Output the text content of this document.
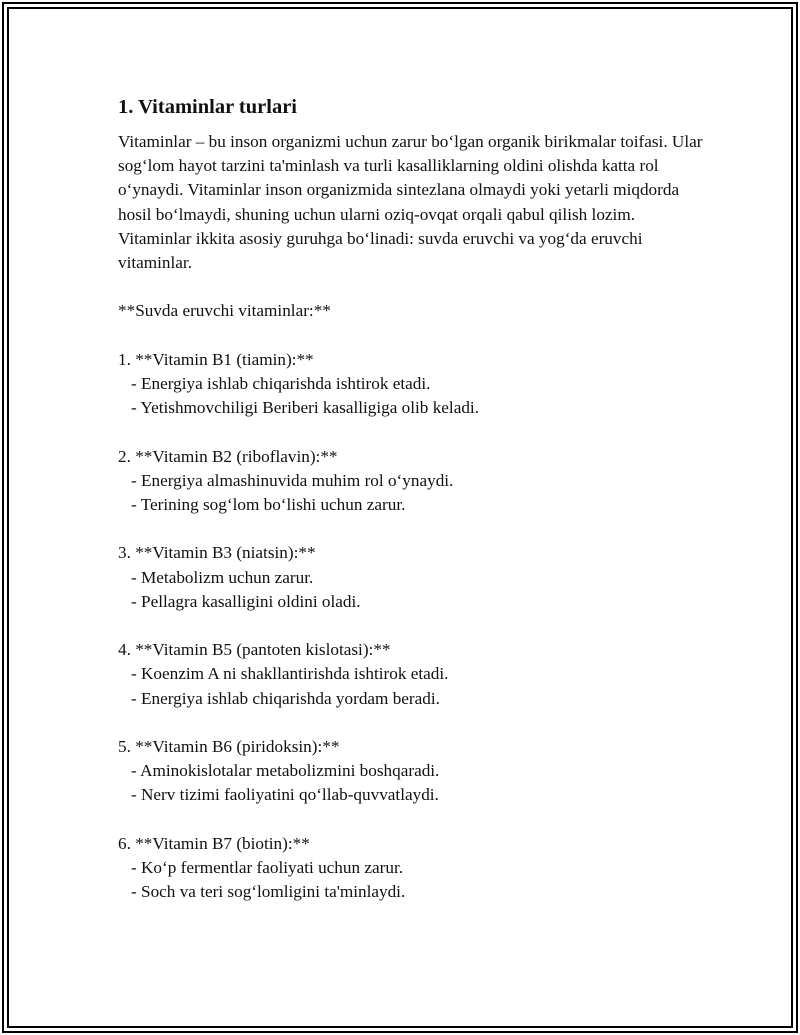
1. Vitaminlar turlari

Vitaminlar – bu inson organizmi uchun zarur bo‘lgan organik birikmalar toifasi. Ular sog‘lom hayot tarzini ta'minlash va turli kasalliklarning oldini olishda katta rol o‘ynaydi. Vitaminlar inson organizmida sintezlana olmaydi yoki yetarli miqdorda hosil bo‘lmaydi, shuning uchun ularni oziq-ovqat orqali qabul qilish lozim. Vitaminlar ikkita asosiy guruhga bo‘linadi: suvda eruvchi va yog‘da eruvchi vitaminlar.

**Suvda eruvchi vitaminlar:**

1. **Vitamin B1 (tiamin):**

- Energiya ishlab chiqarishda ishtirok etadi.

- Yetishmovchiligi Beriberi kasalligiga olib keladi.

2. **Vitamin B2 (riboflavin):**

- Energiya almashinuvida muhim rol o‘ynaydi.

- Terining sog‘lom bo‘lishi uchun zarur.

3. **Vitamin B3 (niatsin):**

- Metabolizm uchun zarur.

- Pellagra kasalligini oldini oladi.

4. **Vitamin B5 (pantoten kislotasi):**

- Koenzim A ni shakllantirishda ishtirok etadi.

- Energiya ishlab chiqarishda yordam beradi.

5. **Vitamin B6 (piridoksin):**

- Aminokislotalar metabolizmini boshqaradi.

- Nerv tizimi faoliyatini qo‘llab-quvvatlaydi.

6. **Vitamin B7 (biotin):**

- Ko‘p fermentlar faoliyati uchun zarur.

- Soch va teri sog‘lomligini ta'minlaydi.
